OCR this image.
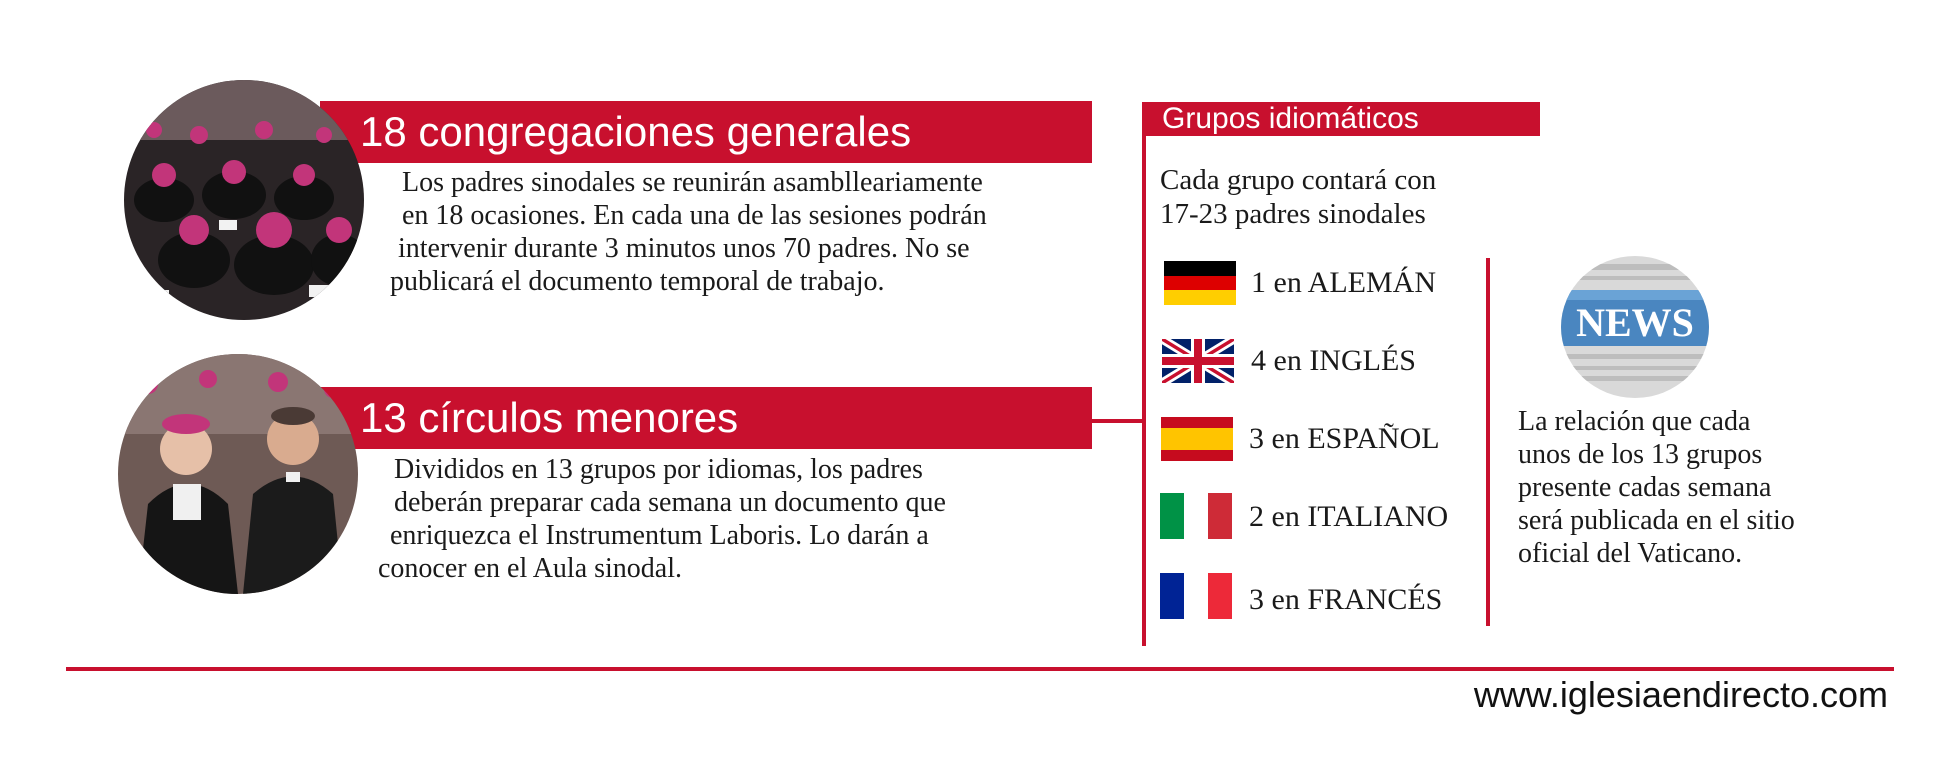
18 congregaciones generales
Los padres sinodales se reunirán asamblleariamente
en 18 ocasiones. En cada una de las sesiones podrán
intervenir durante 3 minutos unos 70 padres. No se
publicará el documento temporal de trabajo.
13 círculos menores
Divididos en 13 grupos por idiomas, los padres
deberán preparar cada semana un documento que
enriquezca el Instrumentum Laboris. Lo darán a
conocer en el Aula sinodal.
Grupos idiomáticos
Cada grupo contará con
17-23 padres sinodales
1 en ALEMÁN
4 en INGLÉS
3 en ESPAÑOL
2 en ITALIANO
3 en FRANCÉS
NEWS
La relación que cada
unos de los 13 grupos
presente cadas semana
será publicada en el sitio
oficial del Vaticano.
www.iglesiaendirecto.com
